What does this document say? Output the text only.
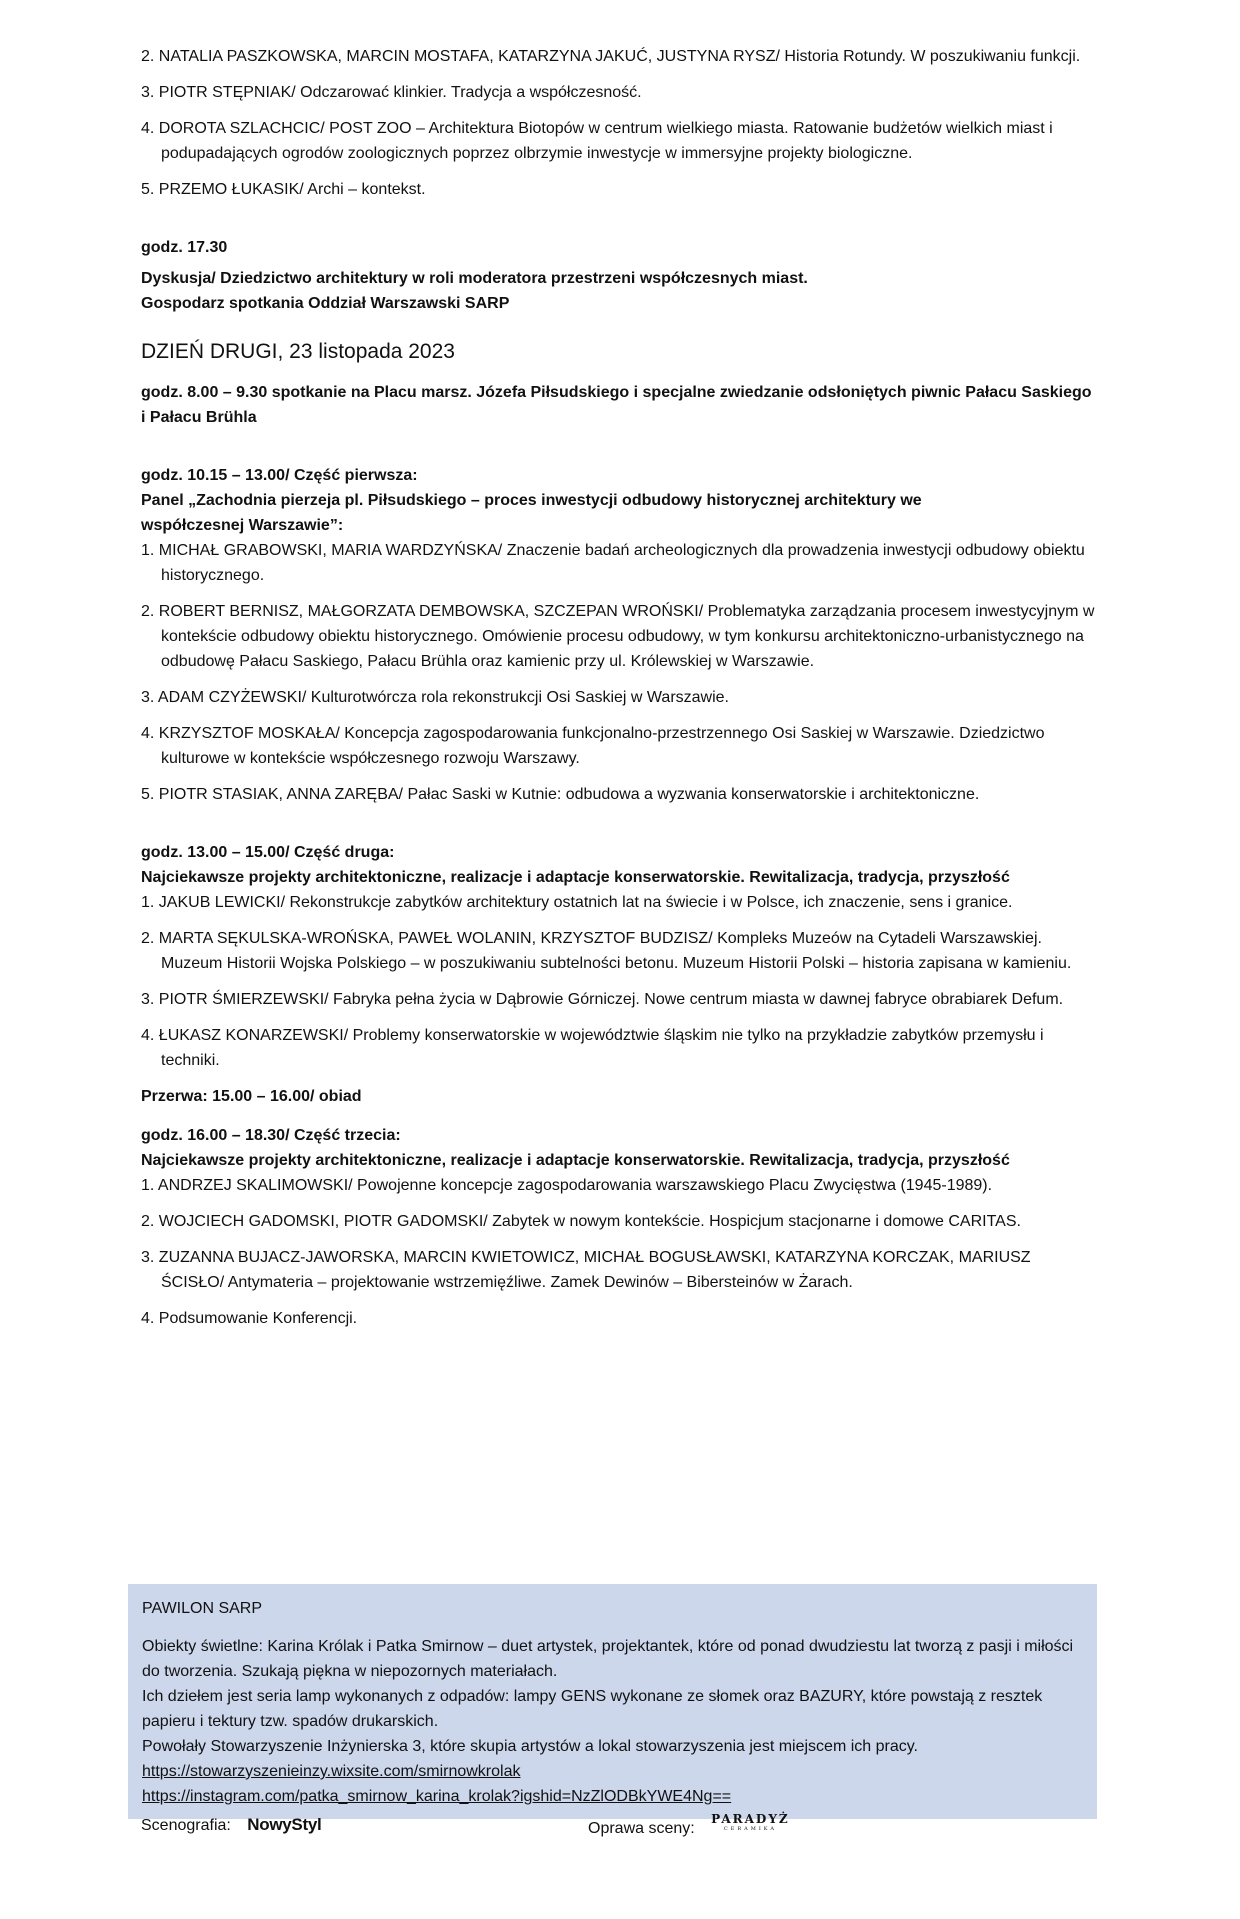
2. NATALIA PASZKOWSKA, MARCIN MOSTAFA, KATARZYNA JAKUĆ, JUSTYNA RYSZ/ Historia Rotundy. W poszukiwaniu funkcji.
3. PIOTR STĘPNIAK/ Odczarować klinkier. Tradycja a współczesność.
4. DOROTA SZLACHCIC/ POST ZOO – Architektura Biotopów w centrum wielkiego miasta. Ratowanie budżetów wielkich miast i podupadających ogrodów zoologicznych poprzez olbrzymie inwestycje w immersyjne projekty biologiczne.
5. PRZEMO ŁUKASIK/ Archi – kontekst.

godz. 17.30

Dyskusja/ Dziedzictwo architektury w roli moderatora przestrzeni współczesnych miast.

Gospodarz spotkania Oddział Warszawski SARP

DZIEŃ DRUGI, 23 listopada 2023

godz. 8.00 – 9.30 spotkanie na Placu marsz. Józefa Piłsudskiego i specjalne zwiedzanie odsłoniętych piwnic Pałacu Saskiego i Pałacu Brühla

godz. 10.15 – 13.00/ Część pierwsza:

Panel „Zachodnia pierzeja pl. Piłsudskiego – proces inwestycji odbudowy historycznej architektury we współczesnej Warszawie”:

1. MICHAŁ GRABOWSKI, MARIA WARDZYŃSKA/ Znaczenie badań archeologicznych dla prowadzenia inwestycji odbudowy obiektu historycznego.
2. ROBERT BERNISZ, MAŁGORZATA DEMBOWSKA, SZCZEPAN WROŃSKI/ Problematyka zarządzania procesem inwestycyjnym w kontekście odbudowy obiektu historycznego. Omówienie procesu odbudowy, w tym konkursu architektoniczno-urbanistycznego na odbudowę Pałacu Saskiego, Pałacu Brühla oraz kamienic przy ul. Królewskiej w Warszawie.
3. ADAM CZYŻEWSKI/ Kulturotwórcza rola rekonstrukcji Osi Saskiej w Warszawie.
4. KRZYSZTOF MOSKAŁA/ Koncepcja zagospodarowania funkcjonalno-przestrzennego Osi Saskiej w Warszawie. Dziedzictwo kulturowe w kontekście współczesnego rozwoju Warszawy.
5. PIOTR STASIAK, ANNA ZARĘBA/ Pałac Saski w Kutnie: odbudowa a wyzwania konserwatorskie i architektoniczne.

godz. 13.00 – 15.00/ Część druga:

Najciekawsze projekty architektoniczne, realizacje i adaptacje konserwatorskie. Rewitalizacja, tradycja, przyszłość

1. JAKUB LEWICKI/ Rekonstrukcje zabytków architektury ostatnich lat na świecie i w Polsce, ich znaczenie, sens i granice.
2. MARTA SĘKULSKA-WROŃSKA, PAWEŁ WOLANIN, KRZYSZTOF BUDZISZ/ Kompleks Muzeów na Cytadeli Warszawskiej. Muzeum Historii Wojska Polskiego – w poszukiwaniu subtelności betonu. Muzeum Historii Polski – historia zapisana w kamieniu.
3. PIOTR ŚMIERZEWSKI/ Fabryka pełna życia w Dąbrowie Górniczej. Nowe centrum miasta w dawnej fabryce obrabiarek Defum.
4. ŁUKASZ KONARZEWSKI/ Problemy konserwatorskie w województwie śląskim nie tylko na przykładzie zabytków przemysłu i techniki.

Przerwa: 15.00 – 16.00/ obiad

godz. 16.00 – 18.30/ Część trzecia:

Najciekawsze projekty architektoniczne, realizacje i adaptacje konserwatorskie. Rewitalizacja, tradycja, przyszłość

1. ANDRZEJ SKALIMOWSKI/ Powojenne koncepcje zagospodarowania warszawskiego Placu Zwycięstwa (1945-1989).
2. WOJCIECH GADOMSKI, PIOTR GADOMSKI/ Zabytek w nowym kontekście. Hospicjum stacjonarne i domowe CARITAS.
3. ZUZANNA BUJACZ-JAWORSKA, MARCIN KWIETOWICZ, MICHAŁ BOGUSŁAWSKI, KATARZYNA KORCZAK, MARIUSZ ŚCISŁO/ Antymateria – projektowanie wstrzemięźliwe. Zamek Dewinów – Bibersteinów w Żarach.
4. Podsumowanie Konferencji.

PAWILON SARP

Obiekty świetlne: Karina Królak i Patka Smirnow – duet artystek, projektantek, które od ponad dwudziestu lat tworzą z pasji i miłości do tworzenia. Szukają piękna w niepozornych materiałach.

Ich dziełem jest seria lamp wykonanych z odpadów: lampy GENS wykonane ze słomek oraz BAZURY, które powstają z resztek papieru i tektury tzw. spadów drukarskich.

Powołały Stowarzyszenie Inżynierska 3, które skupia artystów a lokal stowarzyszenia jest miejscem ich pracy.

https://stowarzyszenieinzy.wixsite.com/smirnowkrolak
https://instagram.com/patka_smirnow_karina_krolak?igshid=NzZlODBkYWE4Ng==
Scenografia: NowyStyl	Oprawa sceny: PARADYŻ
CERAMIKA
